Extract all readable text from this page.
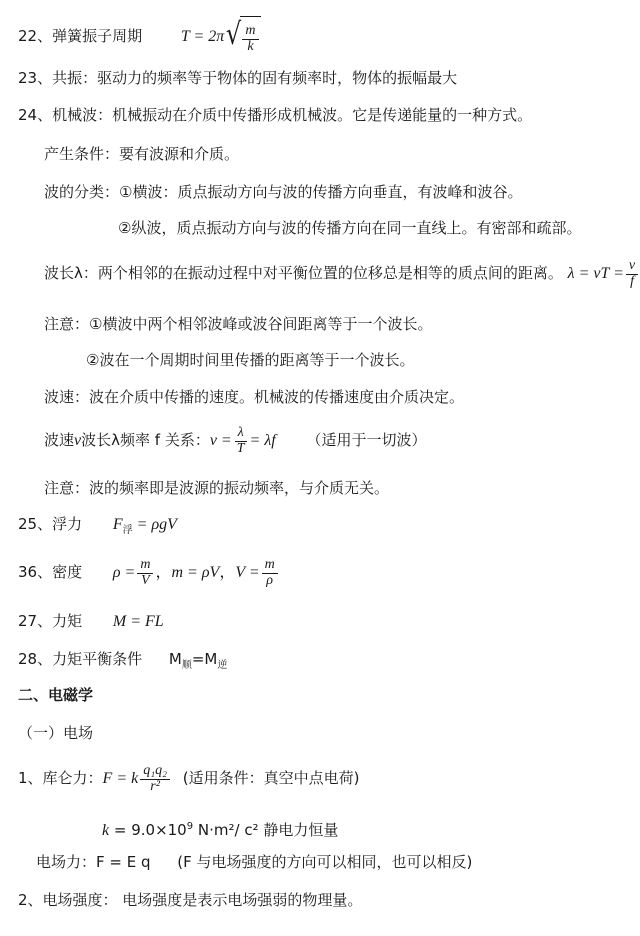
22、弹簧振子周期 T = 2π √ $\frac{m}{k}$
23、共振：驱动力的频率等于物体的固有频率时，物体的振幅最大
24、机械波：机械振动在介质中传播形成机械波。它是传递能量的一种方式。
产生条件：要有波源和介质。
波的分类：①横波：质点振动方向与波的传播方向垂直，有波峰和波谷。
②纵波，质点振动方向与波的传播方向在同一直线上。有密部和疏部。
波长λ：两个相邻的在振动过程中对平衡位置的位移总是相等的质点间的距离。 λ = vT = $\frac{v}{f}$
注意：①横波中两个相邻波峰或波谷间距离等于一个波长。
②波在一个周期时间里传播的距离等于一个波长。
波速：波在介质中传播的速度。机械波的传播速度由介质决定。
波速v波长λ频率 f 关系：$v = \frac{\lambda}{T} = \lambda f$ （适用于一切波）
注意：波的频率即是波源的振动频率，与介质无关。
25、浮力 $F_浮 = \rho gV$
36、密度 $\rho = \frac{m}{V}$ ，m = ρV，$V = \frac{m}{\rho}$
27、力矩 M = FL
28、力矩平衡条件 $M_顺=M_逆$
二、电磁学
（一）电场
1、库仑力：F = k $\frac{\text{q₁q₂}}{\text{r²}}$ (适用条件：真空中点电荷)
$k = 9.0\times 10^9$ N·m²/ c² 静电力恒量
电场力：F = E q (F 与电场强度的方向可以相同，也可以相反)
2、电场强度： 电场强度是表示电场强弱的物理量。
